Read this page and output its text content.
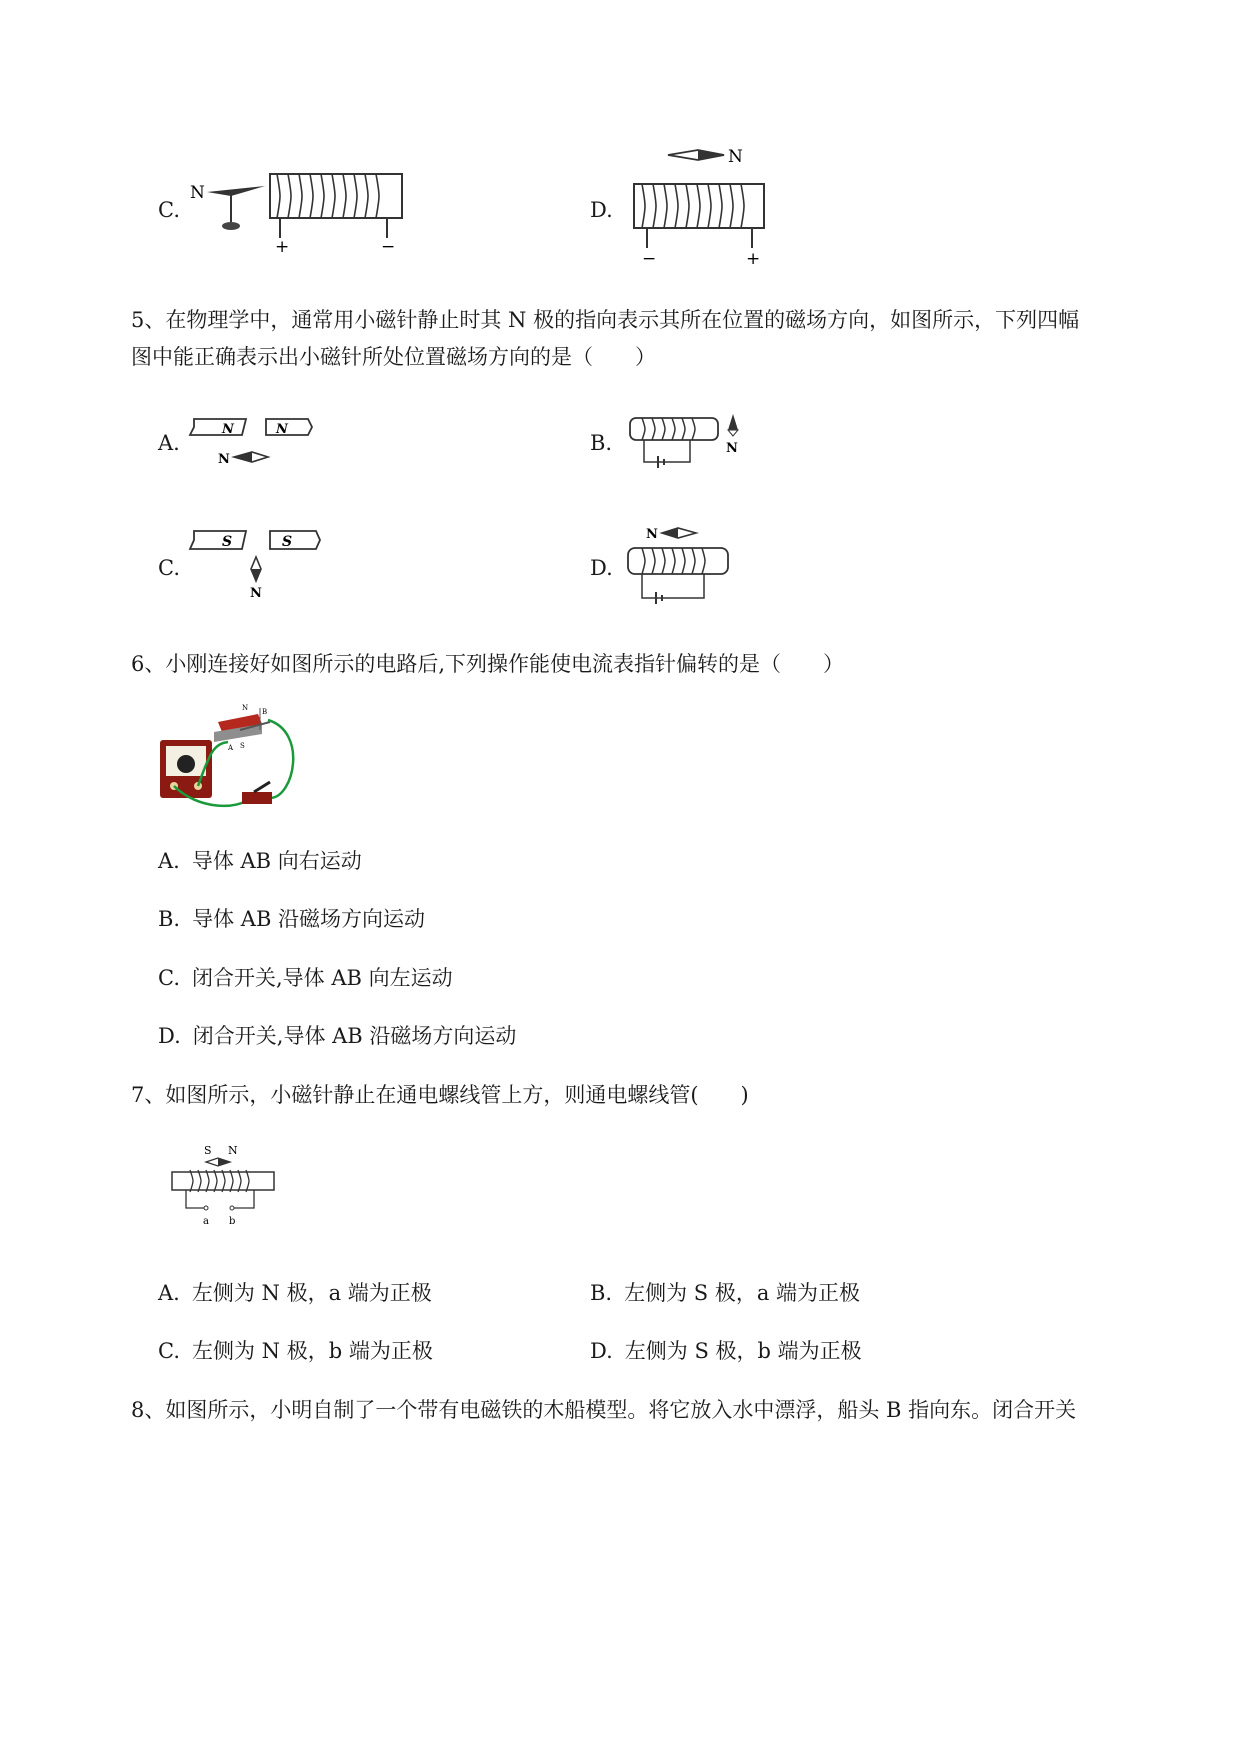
C.
N
+	−
D.
N
−	+
5、在物理学中，通常用小磁针静止时其 N 极的指向表示其所在位置的磁场方向，如图所示，下列四幅
图中能正确表示出小磁针所处位置磁场方向的是（　　）
A.
N	N
N
B.	N
C.
S	S
N
D.
N
6、小刚连接好如图所示的电路后,下列操作能使电流表指针偏转的是（　　）
A S
N B
A. 导体 AB 向右运动
B. 导体 AB 沿磁场方向运动
C. 闭合开关,导体 AB 向左运动
D. 闭合开关,导体 AB 沿磁场方向运动
7、如图所示，小磁针静止在通电螺线管上方，则通电螺线管(　　)
S N
a b
A. 左侧为 N 极，a 端为正极	B. 左侧为 S 极，a 端为正极
C. 左侧为 N 极，b 端为正极	D. 左侧为 S 极，b 端为正极
8、如图所示，小明自制了一个带有电磁铁的木船模型。将它放入水中漂浮，船头 B 指向东。闭合开关
